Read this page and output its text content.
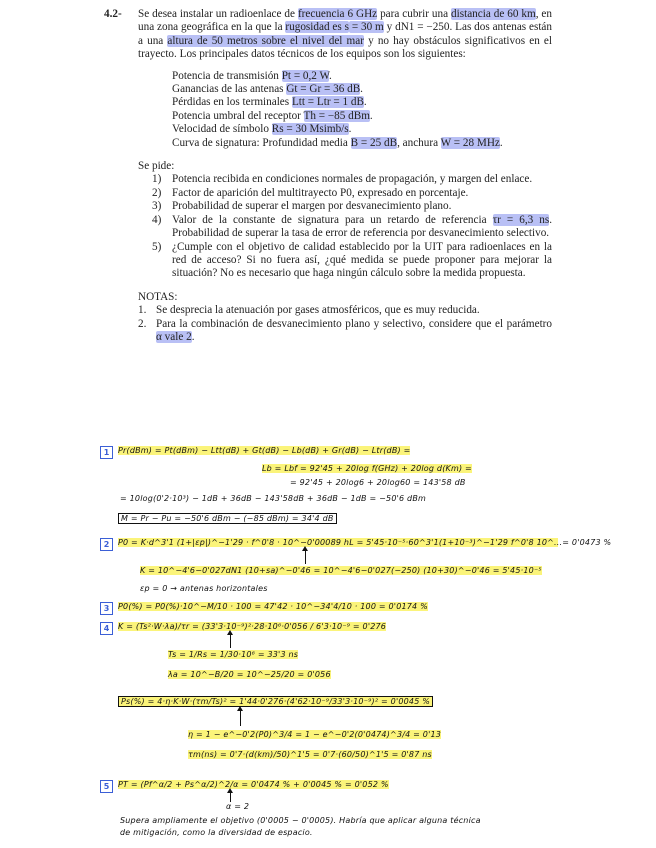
4.2- Se desea instalar un radioenlace de frecuencia 6 GHz para cubrir una distancia de 60 km, en una zona geográfica en la que la rugosidad es s = 30 m y dN1 = −250. Las dos antenas están a una altura de 50 metros sobre el nivel del mar y no hay obstáculos significativos en el trayecto. Los principales datos técnicos de los equipos son los siguientes:
Potencia de transmisión Pt = 0,2 W.
Ganancias de las antenas Gt = Gr = 36 dB.
Pérdidas en los terminales Ltt = Ltr = 1 dB.
Potencia umbral del receptor Th = −85 dBm.
Velocidad de símbolo Rs = 30 Msimb/s.
Curva de signatura: Profundidad media B = 25 dB, anchura W = 28 MHz.
Se pide:
1) Potencia recibida en condiciones normales de propagación, y margen del enlace.
2) Factor de aparición del multitrayecto P0, expresado en porcentaje.
3) Probabilidad de superar el margen por desvanecimiento plano.
4) Valor de la constante de signatura para un retardo de referencia τr = 6,3 ns. Probabilidad de superar la tasa de error de referencia por desvanecimiento selectivo.
5) ¿Cumple con el objetivo de calidad establecido por la UIT para radioenlaces en la red de acceso? Si no fuera así, ¿qué medida se puede proponer para mejorar la situación? No es necesario que haga ningún cálculo sobre la medida propuesta.
NOTAS:
1. Se desprecia la atenuación por gases atmosféricos, que es muy reducida.
2. Para la combinación de desvanecimiento plano y selectivo, considere que el parámetro α vale 2.
1	Pr(dBm) = Pt(dBm) − Ltt(dB) + Gt(dB) − Lb(dB) + Gr(dB) − Ltr(dB) =
Lb = Lbf = 92'45 + 20log f(GHz) + 20log d(Km) =
= 92'45 + 20log6 + 20log60 = 143'58 dB
= 10log(0'2·10³) − 1dB + 36dB − 143'58dB + 36dB − 1dB = −50'6 dBm
M = Pr − Pu = −50'6 dBm − (−85 dBm) = 34'4 dB
2	P0 = K·d^3'1 (1+|εp|)^−1'29 · f^0'8 · 10^−0'00089 hL = 5'45·10⁻⁵·60^3'1(1+10⁻³)^−1'29 f^0'8 10^...= 0'0473 %
K = 10^−4'6−0'027dN1 (10+sa)^−0'46 = 10^−4'6−0'027(−250) (10+30)^−0'46 = 5'45·10⁻⁵
εp = 0 → antenas horizontales
3	P0(%) = P0(%)·10^−M/10 · 100 = 47'42 · 10^−34'4/10 · 100 = 0'0174 %
4	K = (Ts²·W·λa)/τr = (33'3·10⁻⁹)²·28·10⁶·0'056 / 6'3·10⁻⁹ = 0'276
Ts = 1/Rs = 1/30·10⁶ = 33'3 ns
λa = 10^−B/20 = 10^−25/20 = 0'056
Ps(%) = 4·η·K·W·(τm/Ts)² = 1'44·0'276·(4'62·10⁻⁹/33'3·10⁻⁹)² = 0'0045 %
η = 1 − e^−0'2(P0)^3/4 = 1 − e^−0'2(0'0474)^3/4 = 0'13
τm(ns) = 0'7·(d(km)/50)^1'5 = 0'7·(60/50)^1'5 = 0'87 ns
5	PT = (Pf^α/2 + Ps^α/2)^2/α = 0'0474 % + 0'0045 % = 0'052 %
α = 2
Supera ampliamente el objetivo (0'0005 − 0'0005). Habría que aplicar alguna técnica
de mitigación, como la diversidad de espacio.
